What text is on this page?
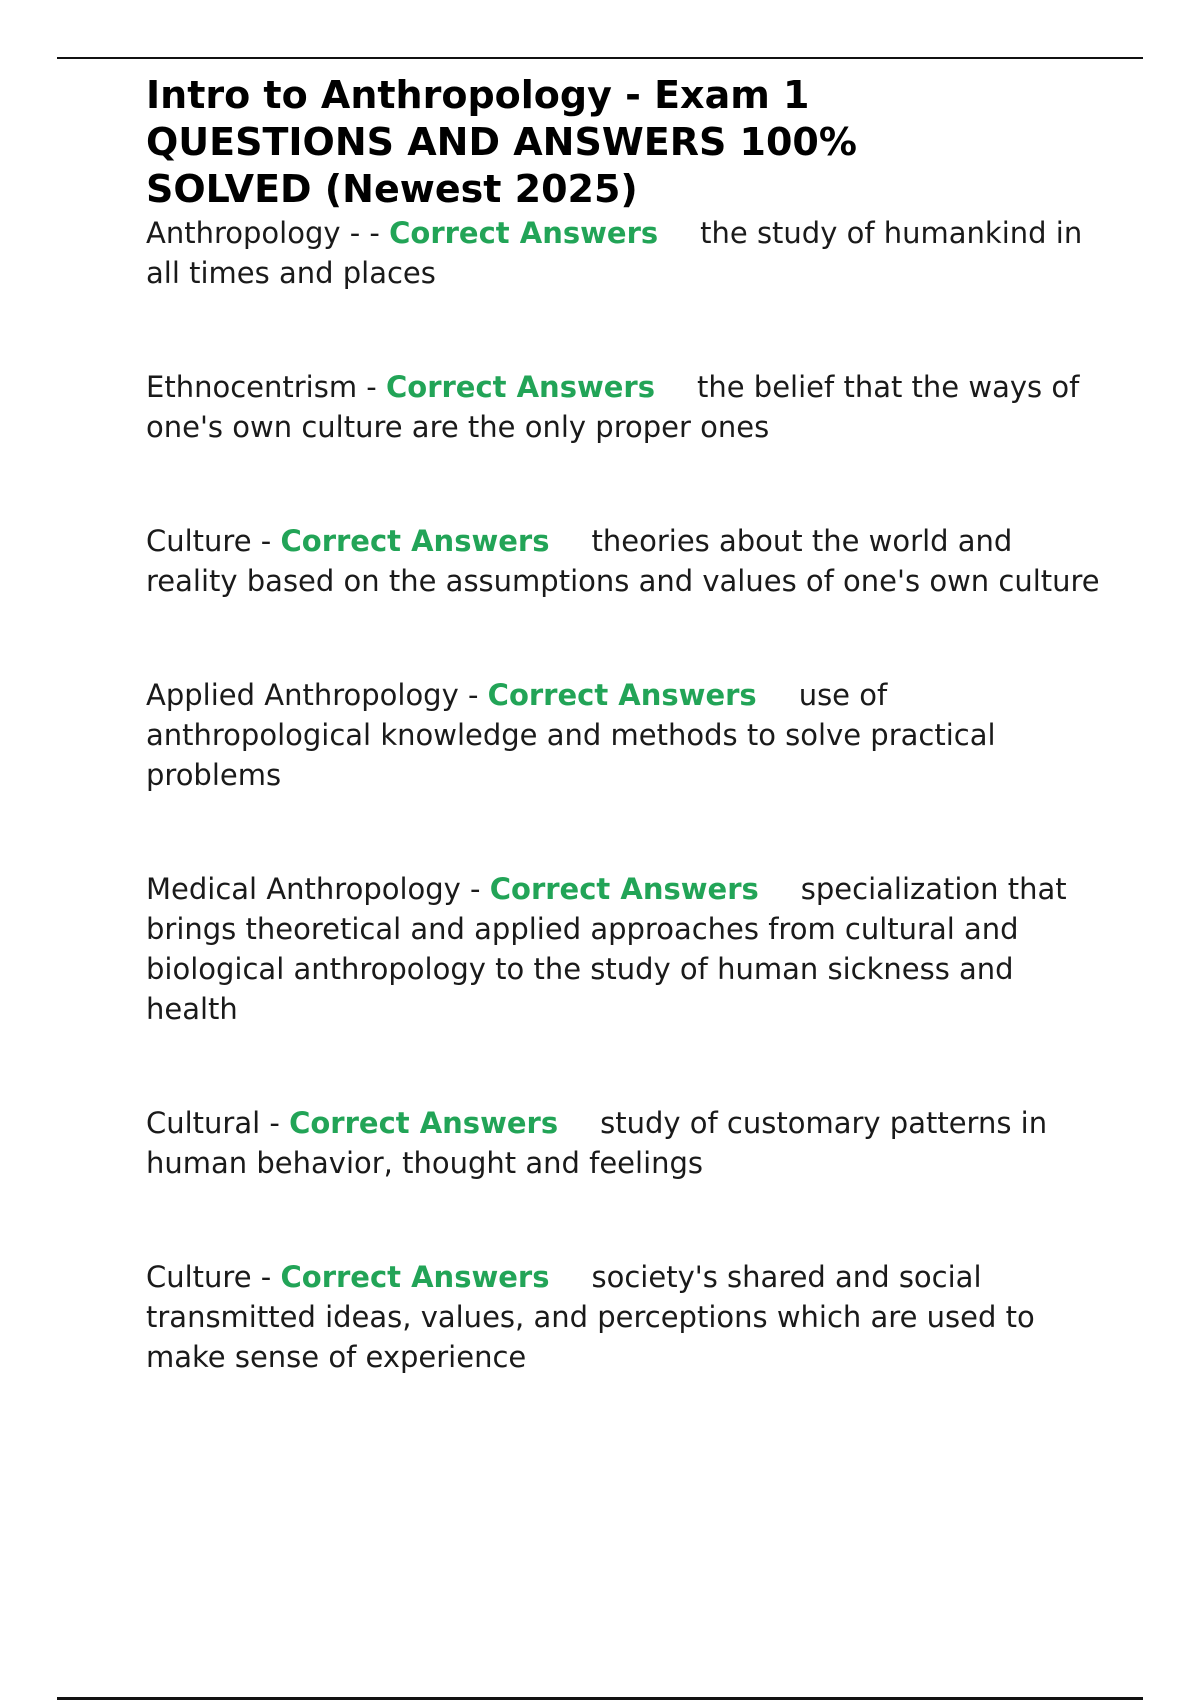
Intro to Anthropology - Exam 1 QUESTIONS AND ANSWERS 100% SOLVED (Newest 2025)
Anthropology - - Correct Answers the study of humankind in all times and places
Ethnocentrism - Correct Answers the belief that the ways of one's own culture are the only proper ones
Culture - Correct Answers theories about the world and reality based on the assumptions and values of one's own culture
Applied Anthropology - Correct Answers use of anthropological knowledge and methods to solve practical problems
Medical Anthropology - Correct Answers specialization that brings theoretical and applied approaches from cultural and biological anthropology to the study of human sickness and health
Cultural - Correct Answers study of customary patterns in human behavior, thought and feelings
Culture - Correct Answers society's shared and social transmitted ideas, values, and perceptions which are used to make sense of experience
